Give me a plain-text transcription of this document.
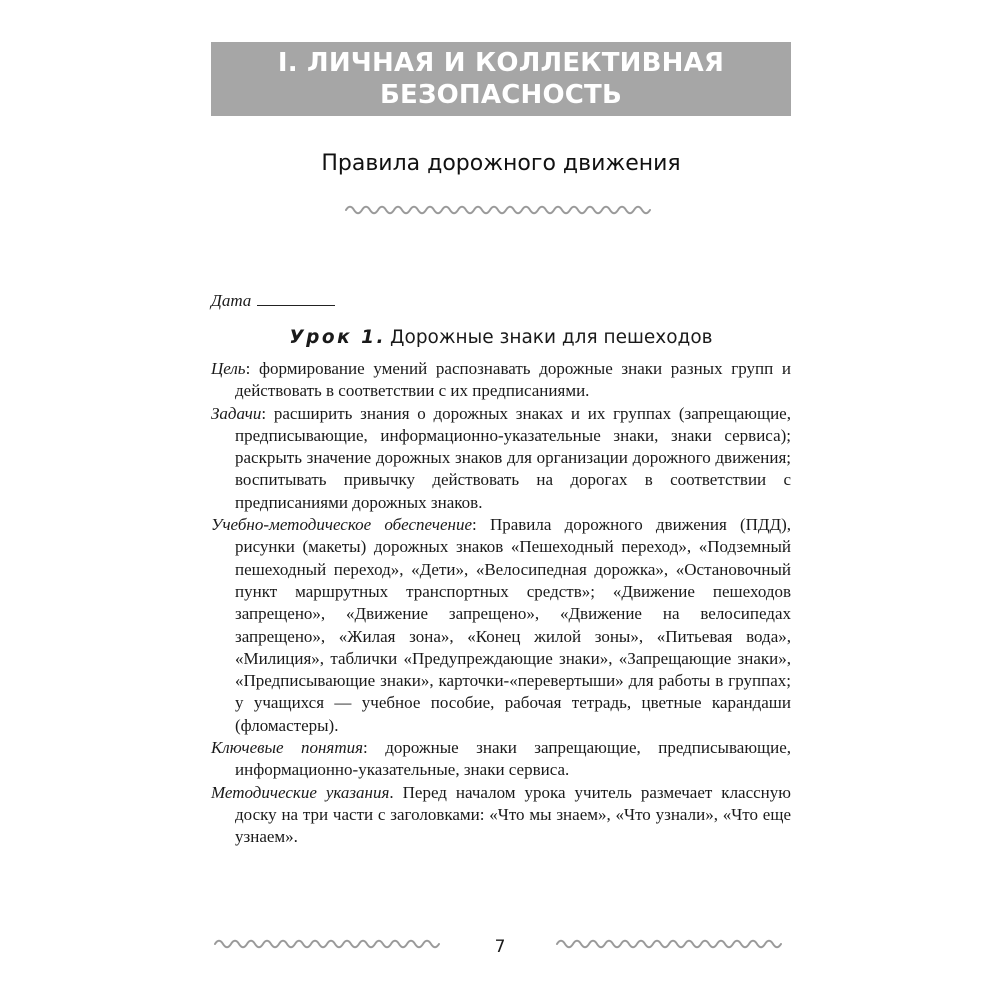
I. ЛИЧНАЯ И КОЛЛЕКТИВНАЯ
БЕЗОПАСНОСТЬ
Правила дорожного движения
Дата
Урок 1. Дорожные знаки для пешеходов

Цель: формирование умений распознавать дорожные знаки разных групп и действовать в соответствии с их предписаниями.

Задачи: расширить знания о дорожных знаках и их группах (запрещающие, предписывающие, информационно-указательные знаки, знаки сервиса); раскрыть значение дорожных знаков для организации дорожного движения; воспитывать привычку действовать на дорогах в соответствии с предписаниями дорожных знаков.

Учебно-методическое обеспечение: Правила дорожного движения (ПДД), рисунки (макеты) дорожных знаков «Пешеходный переход», «Подземный пешеходный переход», «Дети», «Велосипедная дорожка», «Остановочный пункт маршрутных транспортных средств»; «Движение пешеходов запрещено», «Движение запрещено», «Движение на велосипедах запрещено», «Жилая зона», «Конец жилой зоны», «Питьевая вода», «Милиция», таблички «Предупреждающие знаки», «Запрещающие знаки», «Предписывающие знаки», карточки-«перевертыши» для работы в группах; у учащихся — учебное пособие, рабочая тетрадь, цветные карандаши (фломастеры).

Ключевые понятия: дорожные знаки запрещающие, предписывающие, информационно-указательные, знаки сервиса.

Методические указания. Перед началом урока учитель размечает классную доску на три части с заголовками: «Что мы знаем», «Что узнали», «Что еще узнаем».

7
